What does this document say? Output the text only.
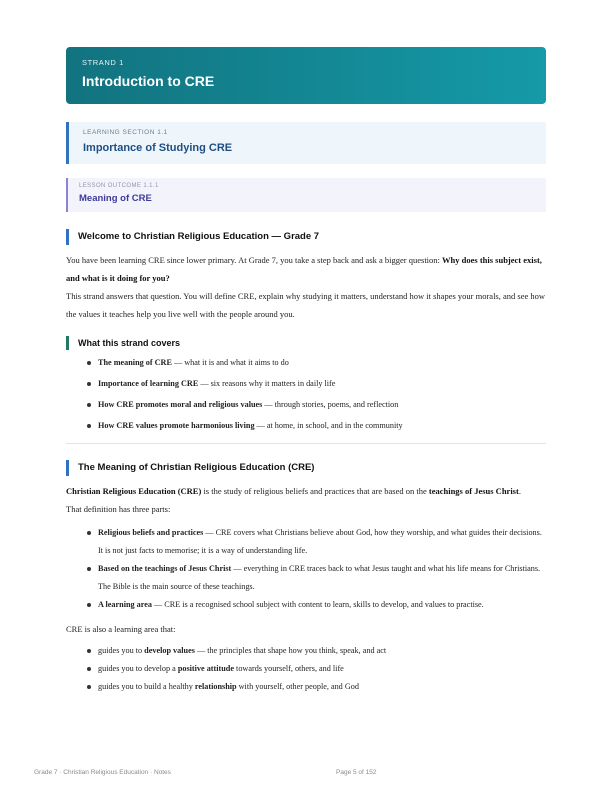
STRAND 1
Introduction to CRE
LEARNING SECTION 1.1
Importance of Studying CRE
LESSON OUTCOME 1.1.1
Meaning of CRE
Welcome to Christian Religious Education — Grade 7

You have been learning CRE since lower primary. At Grade 7, you take a step back and ask a bigger question: Why does this subject exist, and what is it doing for you?

This strand answers that question. You will define CRE, explain why studying it matters, understand how it shapes your morals, and see how the values it teaches help you live well with the people around you.

What this strand covers
The meaning of CRE — what it is and what it aims to do
Importance of learning CRE — six reasons why it matters in daily life
How CRE promotes moral and religious values — through stories, poems, and reflection
How CRE values promote harmonious living — at home, in school, and in the community
The Meaning of Christian Religious Education (CRE)

Christian Religious Education (CRE) is the study of religious beliefs and practices that are based on the teachings of Jesus Christ.

That definition has three parts:

Religious beliefs and practices — CRE covers what Christians believe about God, how they worship, and what guides their decisions. It is not just facts to memorise; it is a way of understanding life.
Based on the teachings of Jesus Christ — everything in CRE traces back to what Jesus taught and what his life means for Christians. The Bible is the main source of these teachings.
A learning area — CRE is a recognised school subject with content to learn, skills to develop, and values to practise.

CRE is also a learning area that:

guides you to develop values — the principles that shape how you think, speak, and act
guides you to develop a positive attitude towards yourself, others, and life
guides you to build a healthy relationship with yourself, other people, and God
Grade 7 · Christian Religious Education · Notes	Page 5 of 152
